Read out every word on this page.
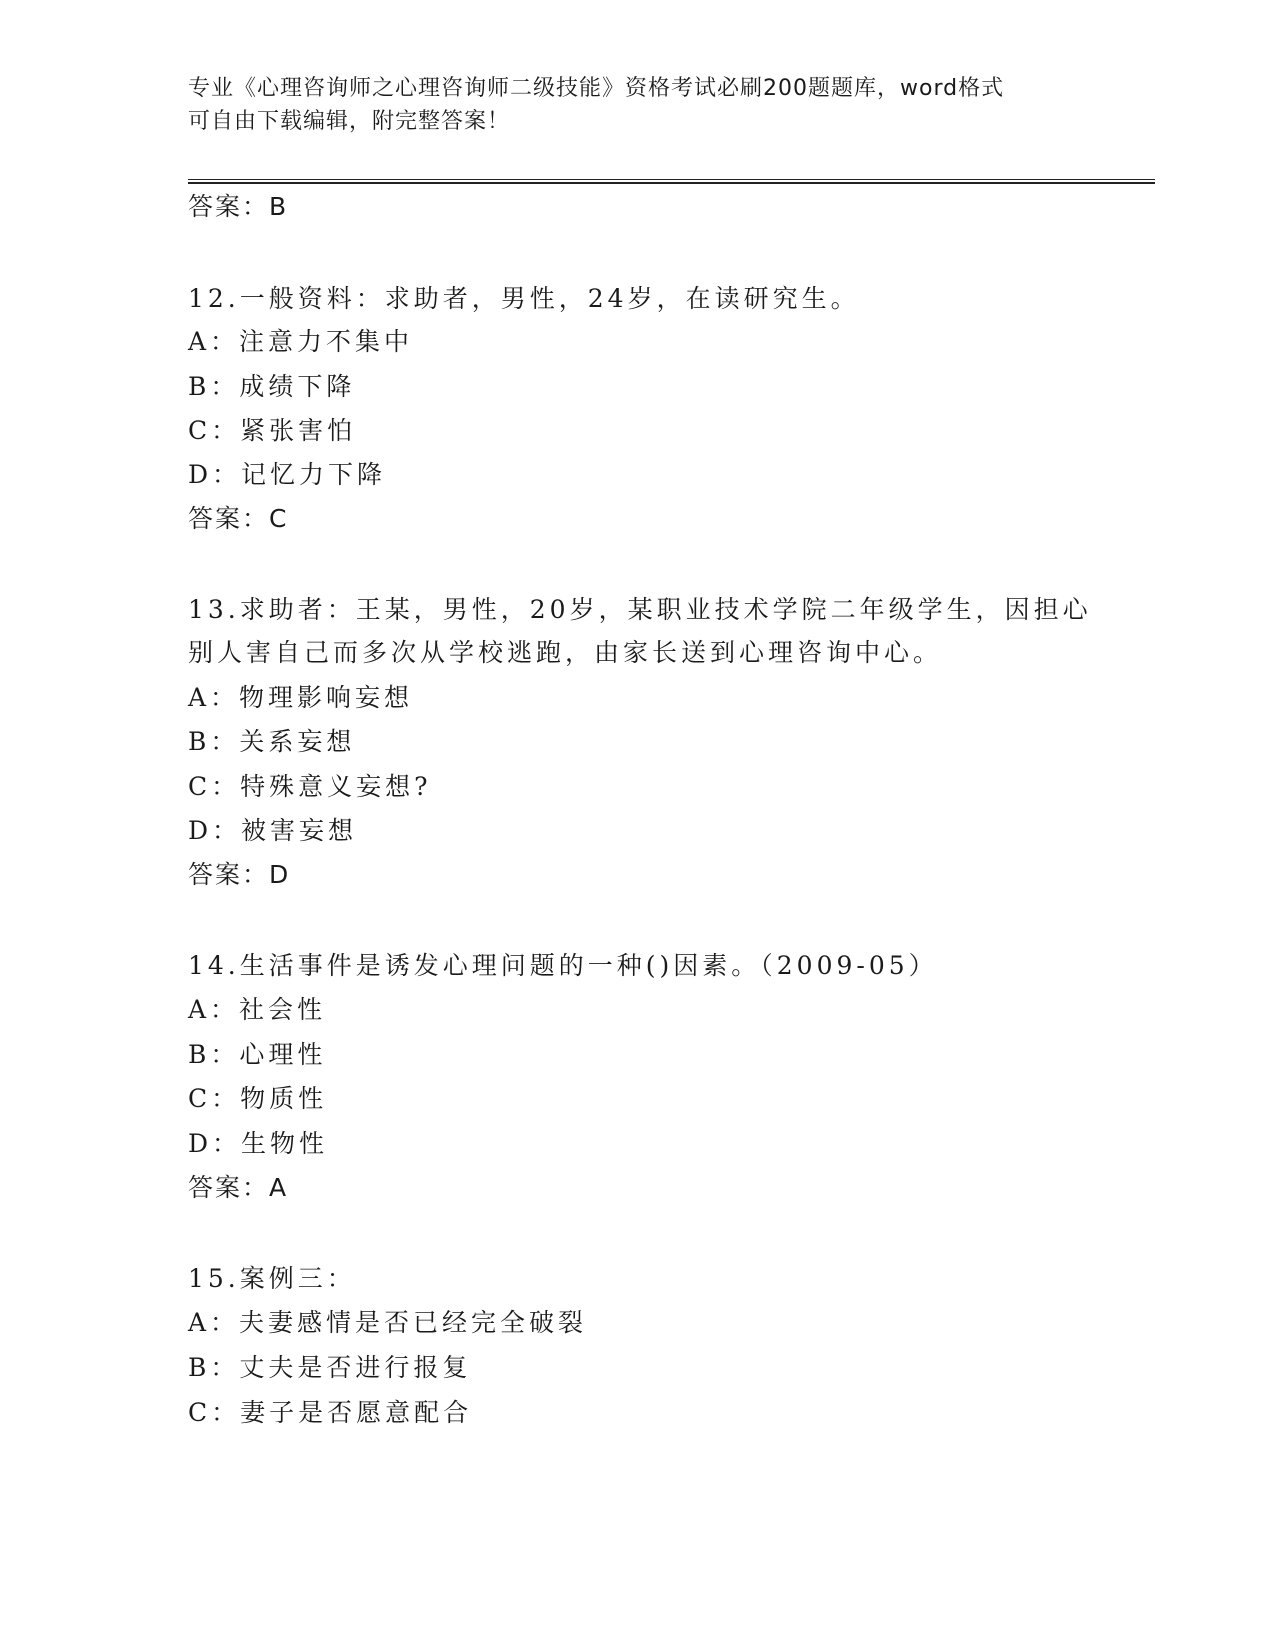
专业《心理咨询师之心理咨询师二级技能》资格考试必刷200题题库，word格式
可自由下载编辑，附完整答案！
答案：B
12.一般资料：求助者，男性，24岁，在读研究生。
A：注意力不集中
B：成绩下降
C：紧张害怕
D：记忆力下降
答案：C
13.求助者：王某，男性，20岁，某职业技术学院二年级学生，因担心
别人害自己而多次从学校逃跑，由家长送到心理咨询中心。
A：物理影响妄想
B：关系妄想
C：特殊意义妄想?
D：被害妄想
答案：D
14.生活事件是诱发心理问题的一种()因素。（2009-05）
A：社会性
B：心理性
C：物质性
D：生物性
答案：A
15.案例三：
A：夫妻感情是否已经完全破裂
B：丈夫是否进行报复
C：妻子是否愿意配合
